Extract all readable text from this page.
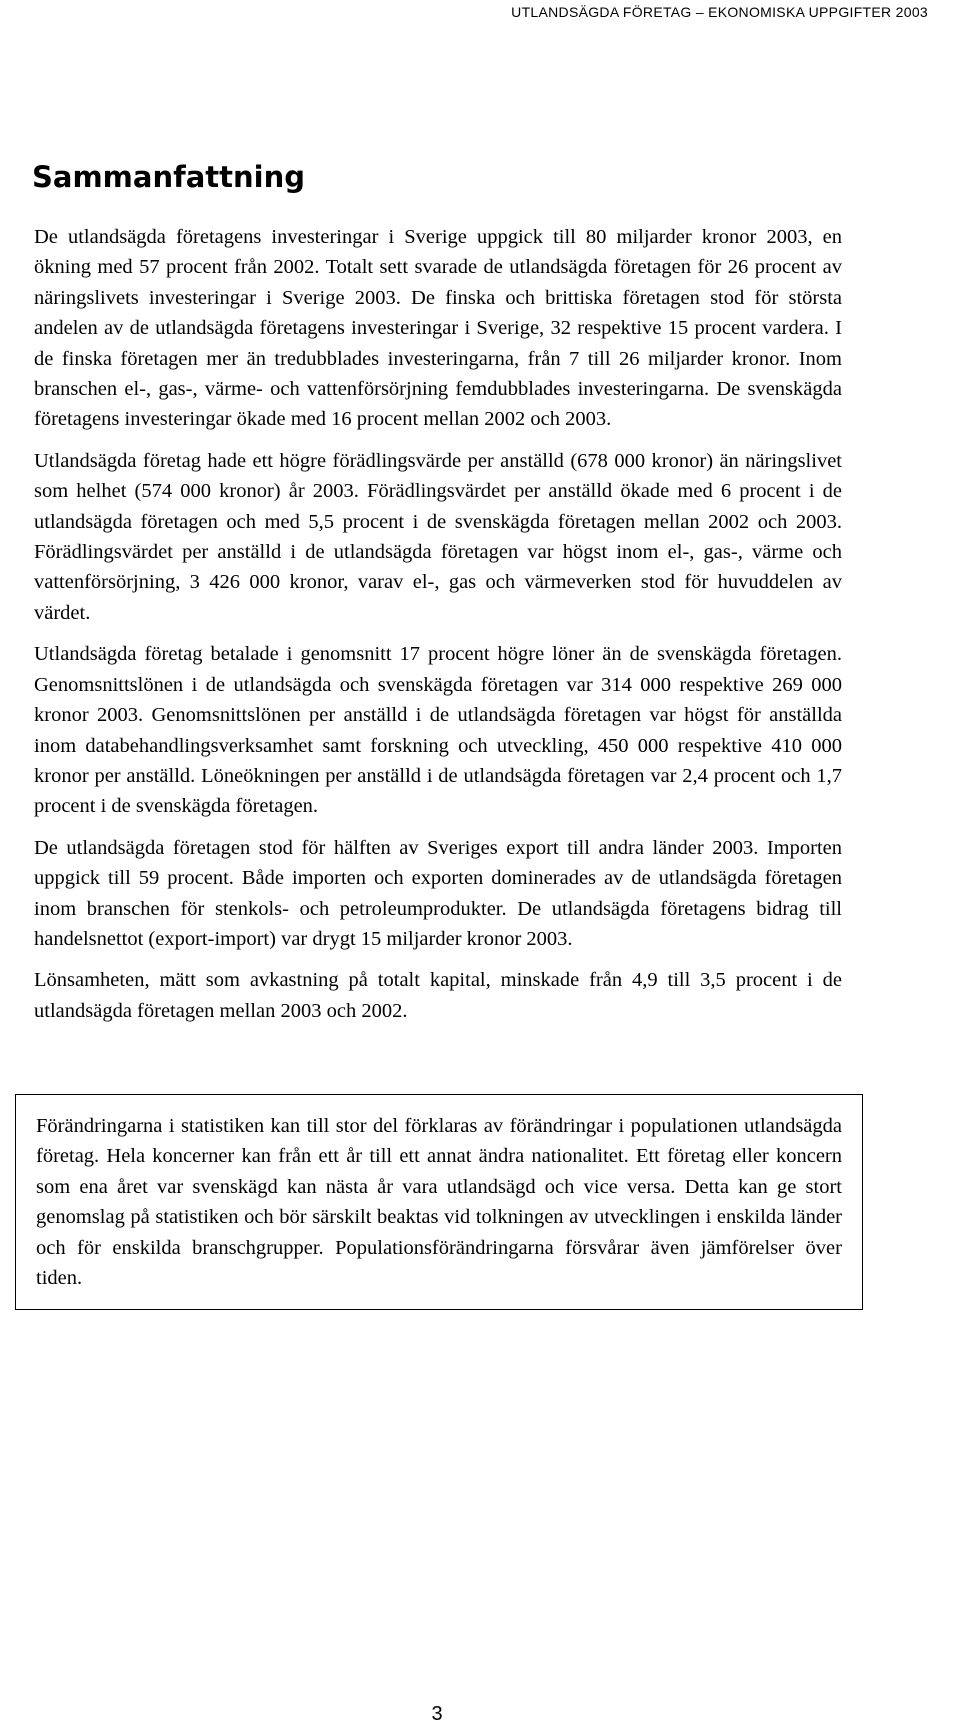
UTLANDSÄGDA FÖRETAG – EKONOMISKA UPPGIFTER 2003
Sammanfattning

De utlandsägda företagens investeringar i Sverige uppgick till 80 miljarder kronor 2003, en ökning med 57 procent från 2002. Totalt sett svarade de utlandsägda företagen för 26 procent av näringslivets investeringar i Sverige 2003. De finska och brittiska företagen stod för största andelen av de utlandsägda företagens investeringar i Sverige, 32 respektive 15 procent vardera. I de finska företagen mer än tredubblades investeringarna, från 7 till 26 miljarder kronor. Inom branschen el-, gas-, värme- och vattenförsörjning femdubblades investeringarna. De svenskägda företagens investeringar ökade med 16 procent mellan 2002 och 2003.

Utlandsägda företag hade ett högre förädlingsvärde per anställd (678 000 kronor) än näringslivet som helhet (574 000 kronor) år 2003. Förädlingsvärdet per anställd ökade med 6 procent i de utlandsägda företagen och med 5,5 procent i de svenskägda företagen mellan 2002 och 2003. Förädlingsvärdet per anställd i de utlandsägda företagen var högst inom el-, gas-, värme och vattenförsörjning, 3 426 000 kronor, varav el-, gas och värmeverken stod för huvuddelen av värdet.

Utlandsägda företag betalade i genomsnitt 17 procent högre löner än de svenskägda företagen. Genomsnittslönen i de utlandsägda och svenskägda företagen var 314 000 respektive 269 000 kronor 2003. Genomsnittslönen per anställd i de utlandsägda företagen var högst för anställda inom databehandlingsverksamhet samt forskning och utveckling, 450 000 respektive 410 000 kronor per anställd. Löneökningen per anställd i de utlandsägda företagen var 2,4 procent och 1,7 procent i de svenskägda företagen.

De utlandsägda företagen stod för hälften av Sveriges export till andra länder 2003. Importen uppgick till 59 procent. Både importen och exporten dominerades av de utlandsägda företagen inom branschen för stenkols- och petroleumprodukter. De utlandsägda företagens bidrag till handelsnettot (export-import) var drygt 15 miljarder kronor 2003.

Lönsamheten, mätt som avkastning på totalt kapital, minskade från 4,9 till 3,5 procent i de utlandsägda företagen mellan 2003 och 2002.

Förändringarna i statistiken kan till stor del förklaras av förändringar i populationen utlandsägda företag. Hela koncerner kan från ett år till ett annat ändra nationalitet. Ett företag eller koncern som ena året var svenskägd kan nästa år vara utlandsägd och vice versa. Detta kan ge stort genomslag på statistiken och bör särskilt beaktas vid tolkningen av utvecklingen i enskilda länder och för enskilda branschgrupper. Populationsförändringarna försvårar även jämförelser över tiden.

3
